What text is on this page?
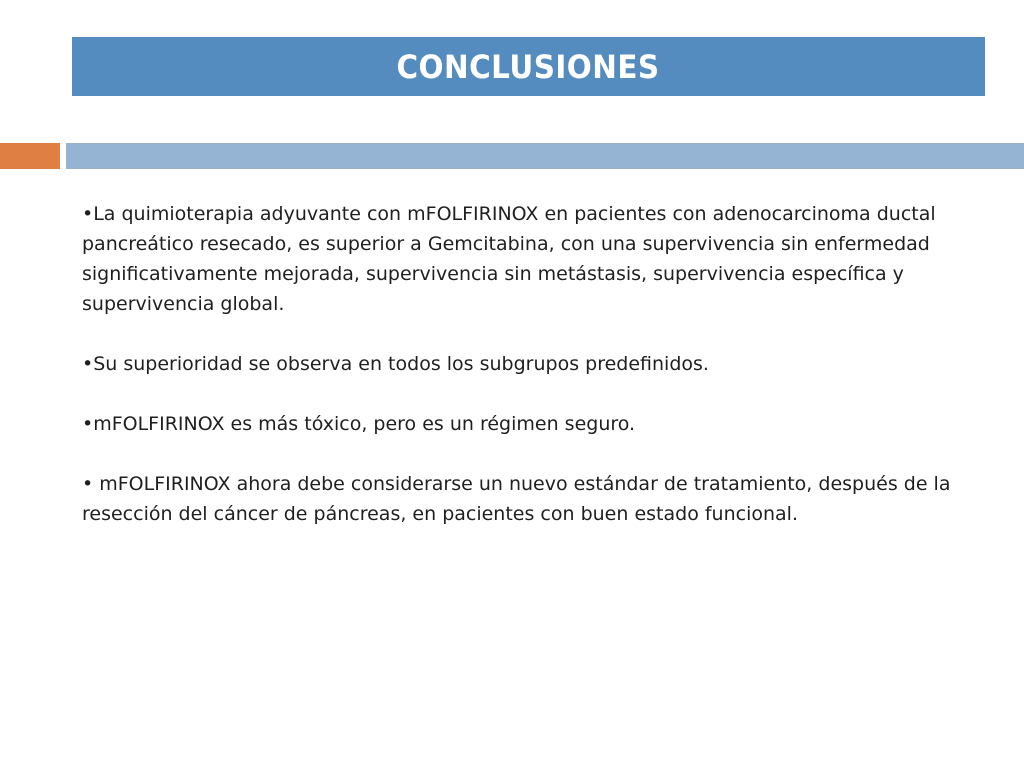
CONCLUSIONES

•La quimioterapia adyuvante con mFOLFIRINOX en pacientes con adenocarcinoma ductal pancreático resecado, es superior a Gemcitabina, con una supervivencia sin enfermedad significativamente mejorada, supervivencia sin metástasis, supervivencia específica y supervivencia global.

•Su superioridad se observa en todos los subgrupos predefinidos.

•mFOLFIRINOX es más tóxico, pero es un régimen seguro.

• mFOLFIRINOX ahora debe considerarse un nuevo estándar de tratamiento, después de la resección del cáncer de páncreas, en pacientes con buen estado funcional.
